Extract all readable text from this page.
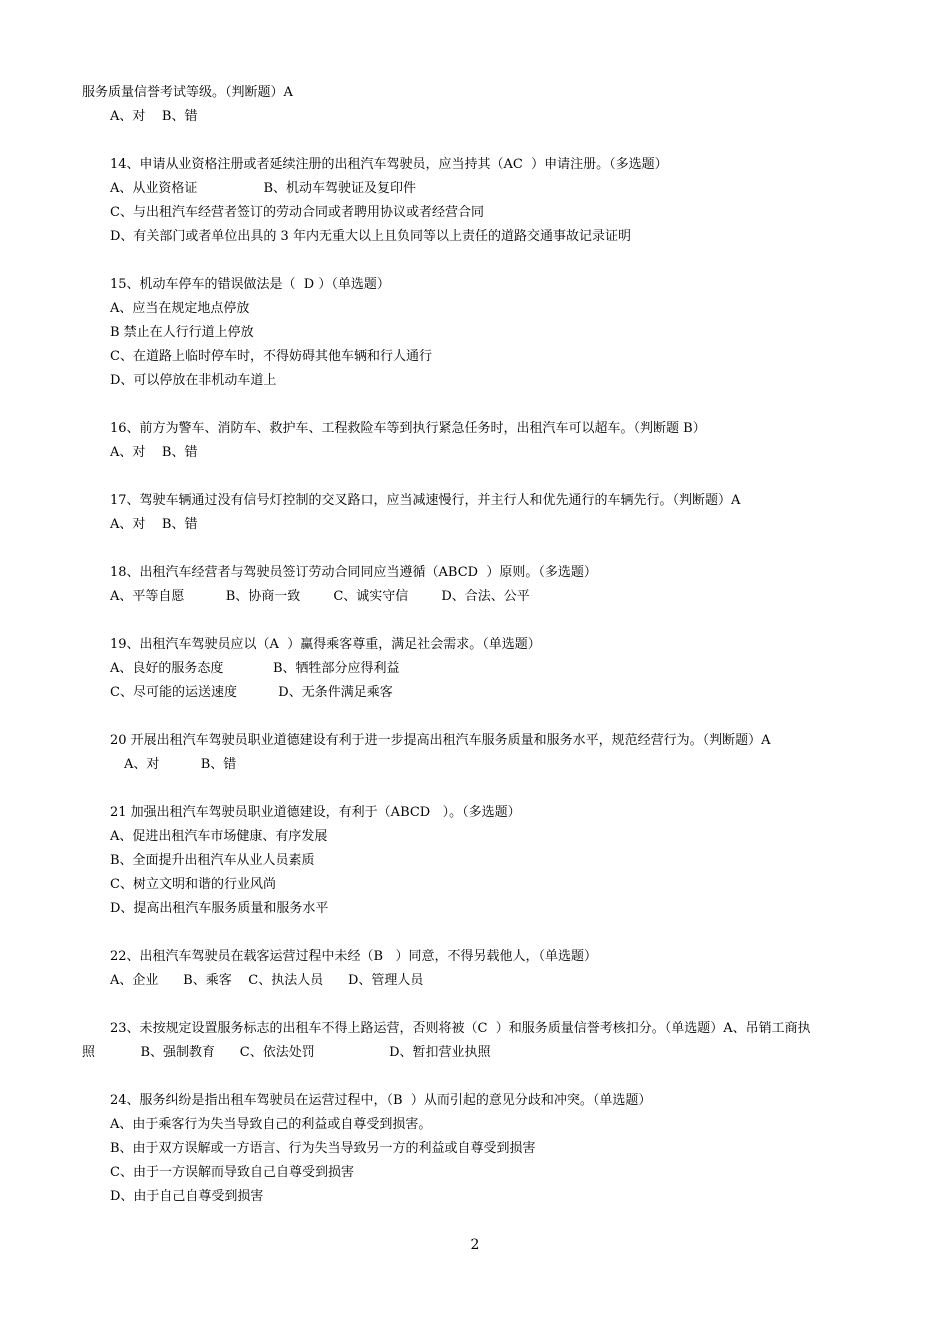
服务质量信誉考试等级。（判断题）A
A、对    B、错
14、申请从业资格注册或者延续注册的出租汽车驾驶员，应当持其（AC  ）申请注册。（多选题）
A、从业资格证                B、机动车驾驶证及复印件
C、与出租汽车经营者签订的劳动合同或者聘用协议或者经营合同
D、有关部门或者单位出具的 3 年内无重大以上且负同等以上责任的道路交通事故记录证明
15、机动车停车的错误做法是（  D ）（单选题）
A、应当在规定地点停放
B 禁止在人行行道上停放
C、在道路上临时停车时，不得妨碍其他车辆和行人通行
D、可以停放在非机动车道上
16、前方为警车、消防车、救护车、工程救险车等到执行紧急任务时，出租汽车可以超车。（判断题 B）
A、对    B、错
17、驾驶车辆通过没有信号灯控制的交叉路口，应当减速慢行，并主行人和优先通行的车辆先行。（判断题）A
A、对    B、错
18、出租汽车经营者与驾驶员签订劳动合同同应当遵循（ABCD  ）原则。（多选题）
A、平等自愿          B、协商一致        C、诚实守信        D、合法、公平
19、出租汽车驾驶员应以（A  ）赢得乘客尊重，满足社会需求。（单选题）
A、良好的服务态度            B、牺牲部分应得利益
C、尽可能的运送速度          D、无条件满足乘客
20 开展出租汽车驾驶员职业道德建设有利于进一步提高出租汽车服务质量和服务水平，规范经营行为。（判断题）A
A、对          B、错
21 加强出租汽车驾驶员职业道德建设，有利于（ABCD   ）。（多选题）
A、促进出租汽车市场健康、有序发展
B、全面提升出租汽车从业人员素质
C、树立文明和谐的行业风尚
D、提高出租汽车服务质量和服务水平
22、出租汽车驾驶员在载客运营过程中未经（B   ）同意，不得另载他人，（单选题）
A、企业      B、乘客    C、执法人员      D、管理人员
23、未按规定设置服务标志的出租车不得上路运营，否则将被（C  ）和服务质量信誉考核扣分。（单选题）A、吊销工商执
照           B、强制教育      C、依法处罚                  D、暂扣营业执照
24、服务纠纷是指出租车驾驶员在运营过程中，（B  ）从而引起的意见分歧和冲突。（单选题）
A、由于乘客行为失当导致自己的利益或自尊受到损害。
B、由于双方误解或一方语言、行为失当导致另一方的利益或自尊受到损害
C、由于一方误解而导致自己自尊受到损害
D、由于自己自尊受到损害
2
